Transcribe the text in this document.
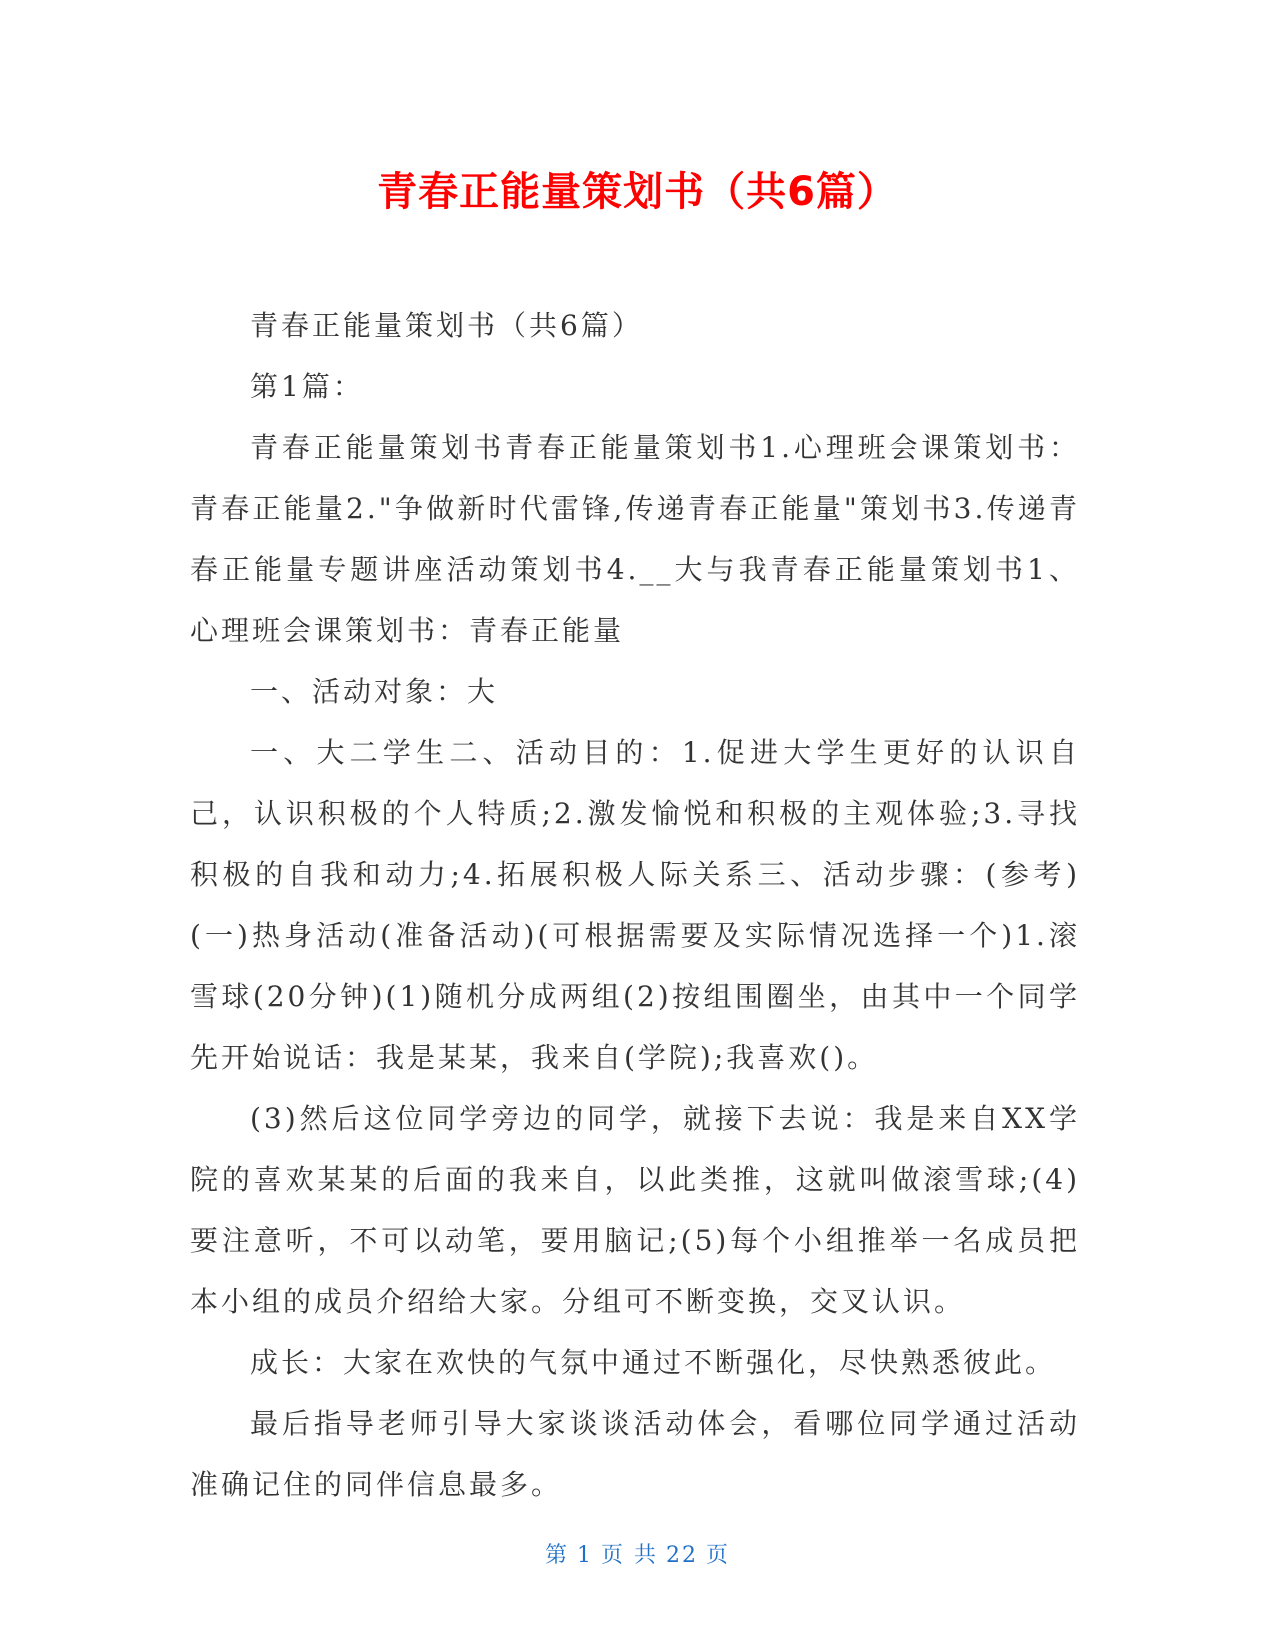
青春正能量策划书（共6篇）

青春正能量策划书（共6篇）

第1篇：

青春正能量策划书青春正能量策划书1.心理班会课策划书：青春正能量2."争做新时代雷锋,传递青春正能量"策划书3.传递青春正能量专题讲座活动策划书4.__大与我青春正能量策划书1、心理班会课策划书：青春正能量

一、活动对象：大

一、大二学生二、活动目的：1.促进大学生更好的认识自己，认识积极的个人特质;2.激发愉悦和积极的主观体验;3.寻找积极的自我和动力;4.拓展积极人际关系三、活动步骤：(参考)(一)热身活动(准备活动)(可根据需要及实际情况选择一个)1.滚雪球(20分钟)(1)随机分成两组(2)按组围圈坐，由其中一个同学先开始说话：我是某某，我来自(学院);我喜欢()。

(3)然后这位同学旁边的同学，就接下去说：我是来自XX学院的喜欢某某的后面的我来自，以此类推，这就叫做滚雪球;(4)要注意听，不可以动笔，要用脑记;(5)每个小组推举一名成员把本小组的成员介绍给大家。分组可不断变换，交叉认识。

成长：大家在欢快的气氛中通过不断强化，尽快熟悉彼此。

最后指导老师引导大家谈谈活动体会，看哪位同学通过活动准确记住的同伴信息最多。

第 1 页 共 22 页
